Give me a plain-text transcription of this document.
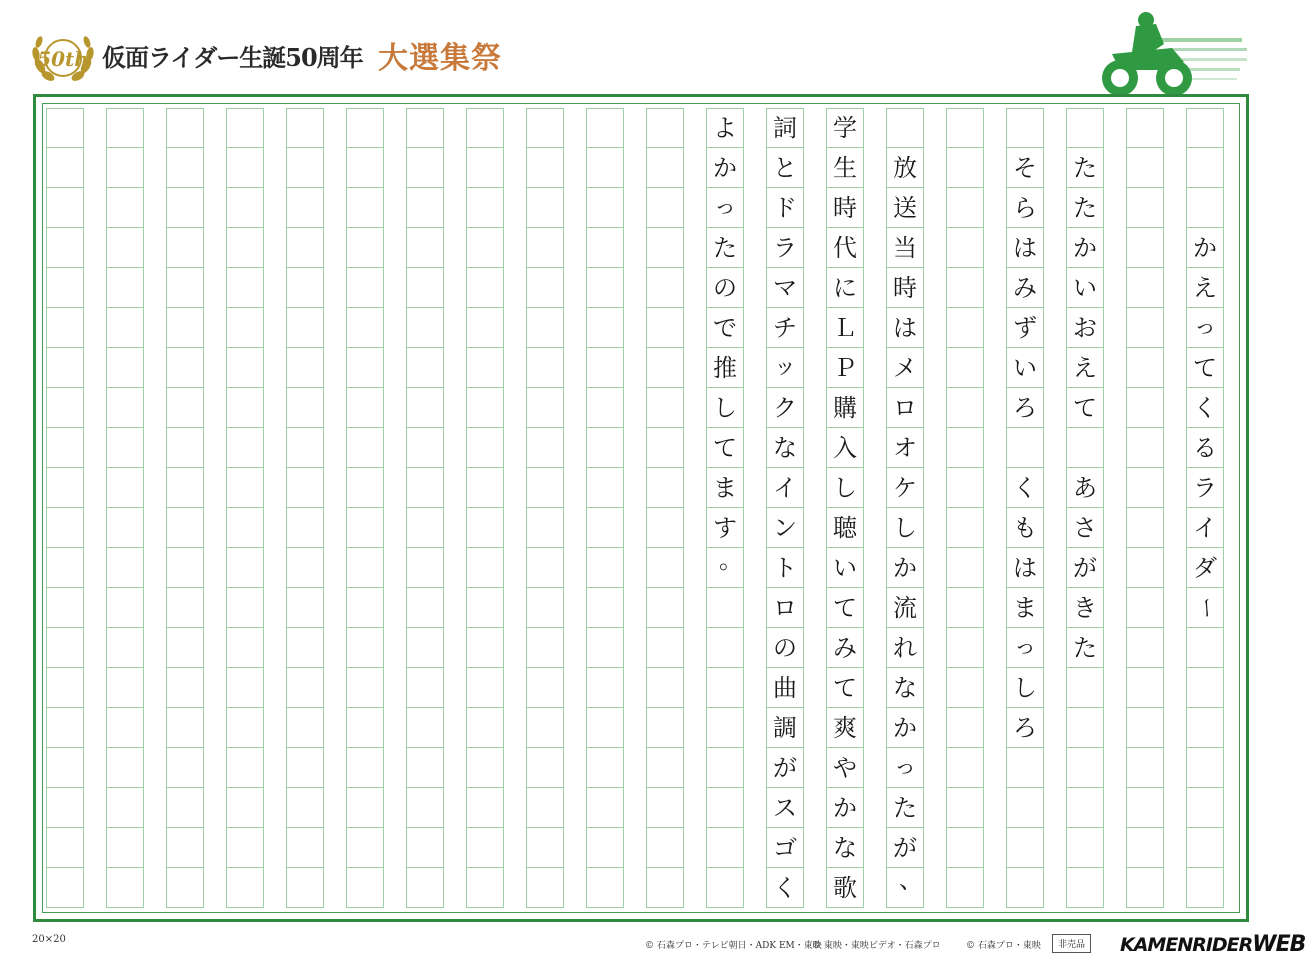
50th 仮面ライダー生誕50周年 大選集祭
か
え
っ
て
く
る
ラ
イ
ダ
ー
た
た
か
い
お
え
て
あ
さ
が
き
た
そ
ら
は
み
ず
い
ろ
く
も
は
ま
っ
し
ろ
放
送
当
時
は
メ
ロ
オ
ケ
し
か
流
れ
な
か
っ
た
が
、
学
生
時
代
に
Ｌ
Ｐ
購
入
し
聴
い
て
み
て
爽
や
か
な
歌
詞
と
ド
ラ
マ
チ
ッ
ク
な
イ
ン
ト
ロ
の
曲
調
が
ス
ゴ
く
よ
か
っ
た
の
で
推
し
て
ま
す
。
20×20
© 石森プロ・テレビ朝日・ADK EM・東映
© 東映・東映ビデオ・石森プロ	© 石森プロ・東映	非売品	KAMENRIDERWEB
